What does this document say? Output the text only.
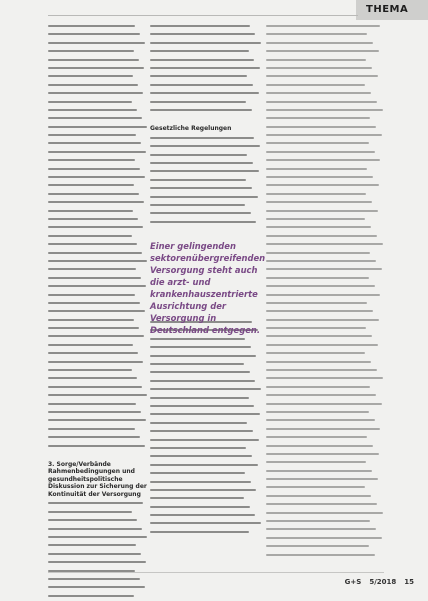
THEMA
3. Sorge/Verbände Rahmenbedingungen und gesundheitspolitische Diskussion zur Sicherung der Kontinuität der Versorgung
Gesetzliche Regelungen
Einer gelingenden sektorenübergreifenden Versorgung steht auch die arzt- und krankenhauszentrierte Ausrichtung der Versorgung in Deutschland entgegen.
G+S 5/2018 15
